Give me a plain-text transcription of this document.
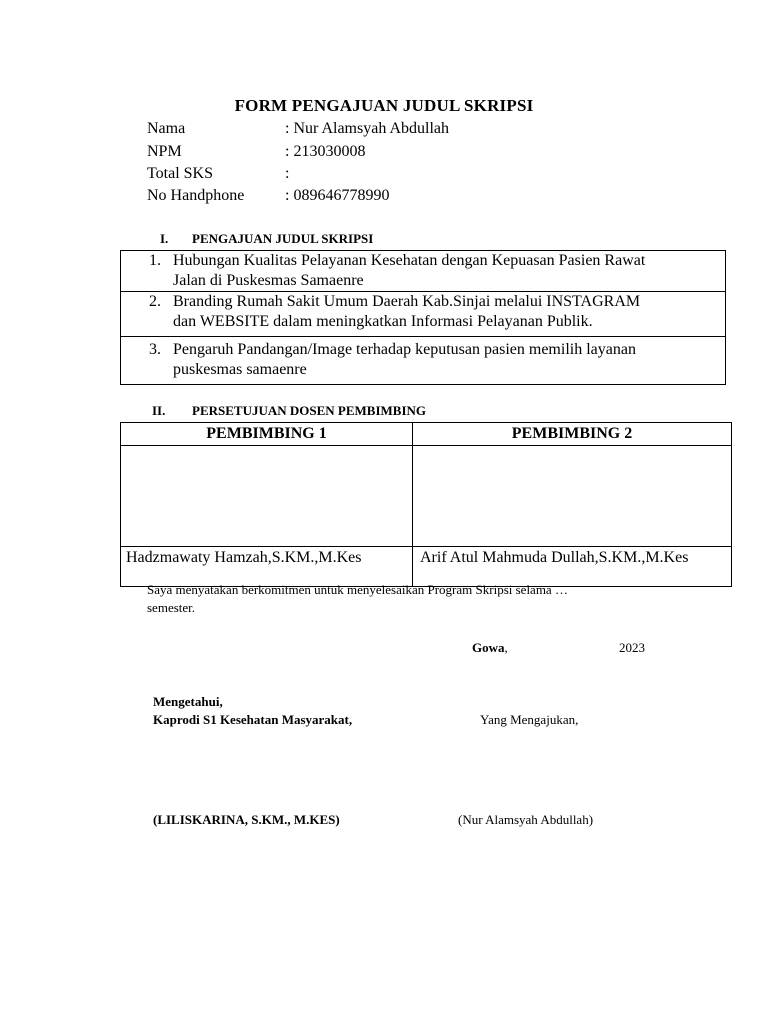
FORM PENGAJUAN JUDUL SKRIPSI
Nama	: Nur Alamsyah Abdullah
NPM	: 213030008
Total SKS	:
No Handphone	: 089646778990
I. PENGAJUAN JUDUL SKRIPSI
1. Hubungan Kualitas Pelayanan Kesehatan dengan Kepuasan Pasien Rawat
Jalan di Puskesmas Samaenre

2. Branding Rumah Sakit Umum Daerah Kab.Sinjai melalui INSTAGRAM
dan WEBSITE dalam meningkatkan Informasi Pelayanan Publik.

3. Pengaruh Pandangan/Image terhadap keputusan pasien memilih layanan
puskesmas samaenre
II. PERSETUJUAN DOSEN PEMBIMBING
PEMBIMBING 1	PEMBIMBING 2

Hadzmawaty Hamzah,S.KM.,M.Kes	Arif Atul Mahmuda Dullah,S.KM.,M.Kes
Saya menyatakan berkomitmen untuk menyelesaikan Program Skripsi selama …
semester.
Gowa,	2023
Mengetahui,
Kaprodi S1 Kesehatan Masyarakat,	Yang Mengajukan,
(LILISKARINA, S.KM., M.KES)	(Nur Alamsyah Abdullah)
